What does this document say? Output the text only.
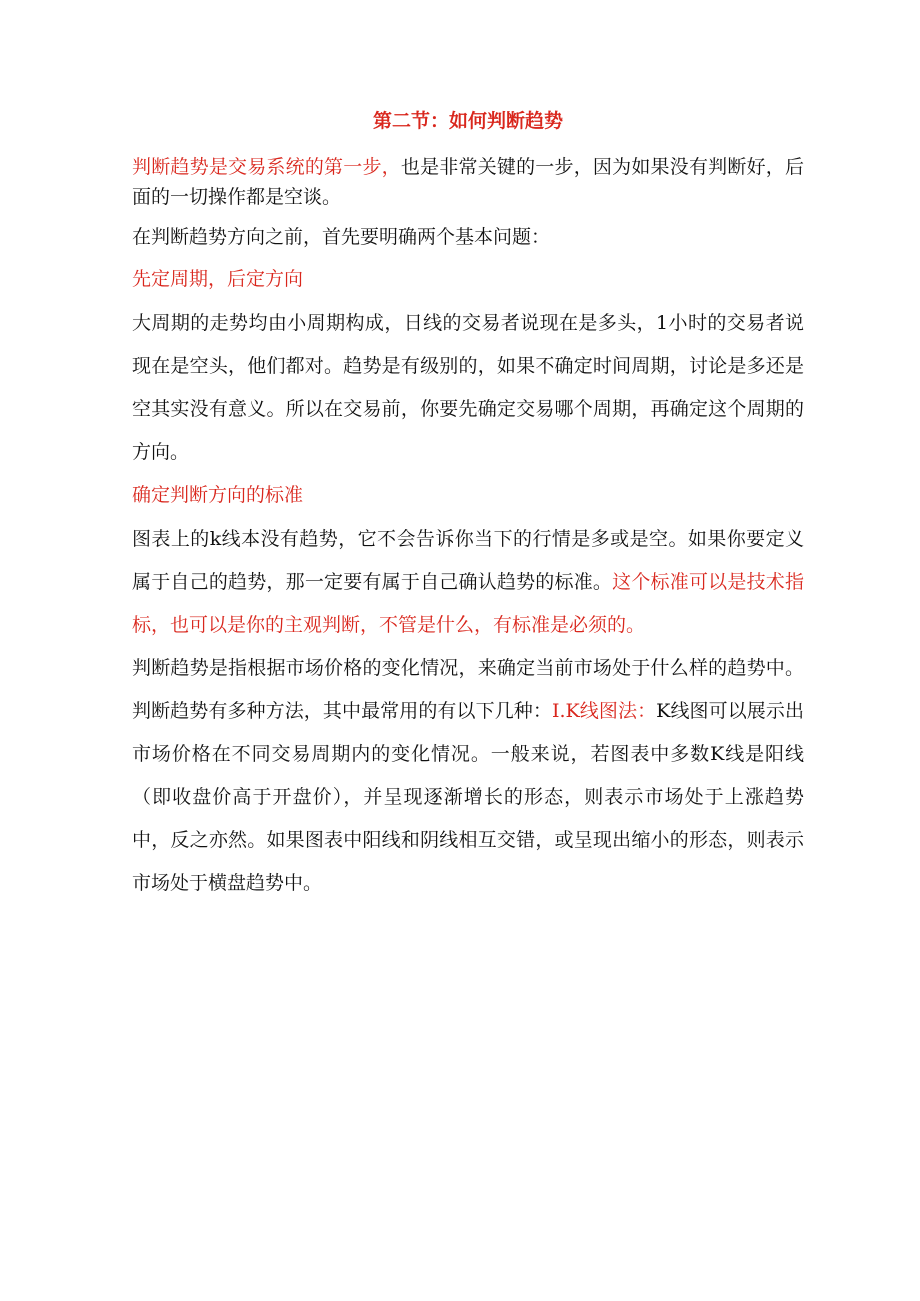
第二节：如何判断趋势

判断趋势是交易系统的第一步，也是非常关键的一步，因为如果没有判断好，后面的一切操作都是空谈。

在判断趋势方向之前，首先要明确两个基本问题：

先定周期，后定方向

大周期的走势均由小周期构成，日线的交易者说现在是多头，1小时的交易者说现在是空头，他们都对。趋势是有级别的，如果不确定时间周期，讨论是多还是空其实没有意义。所以在交易前，你要先确定交易哪个周期，再确定这个周期的方向。

确定判断方向的标准

图表上的k线本没有趋势，它不会告诉你当下的行情是多或是空。如果你要定义属于自己的趋势，那一定要有属于自己确认趋势的标准。这个标准可以是技术指标，也可以是你的主观判断，不管是什么，有标准是必须的。

判断趋势是指根据市场价格的变化情况，来确定当前市场处于什么样的趋势中。判断趋势有多种方法，其中最常用的有以下几种：I.K线图法：K线图可以展示出市场价格在不同交易周期内的变化情况。一般来说，若图表中多数K线是阳线（即收盘价高于开盘价），并呈现逐渐增长的形态，则表示市场处于上涨趋势中，反之亦然。如果图表中阳线和阴线相互交错，或呈现出缩小的形态，则表示市场处于横盘趋势中。
